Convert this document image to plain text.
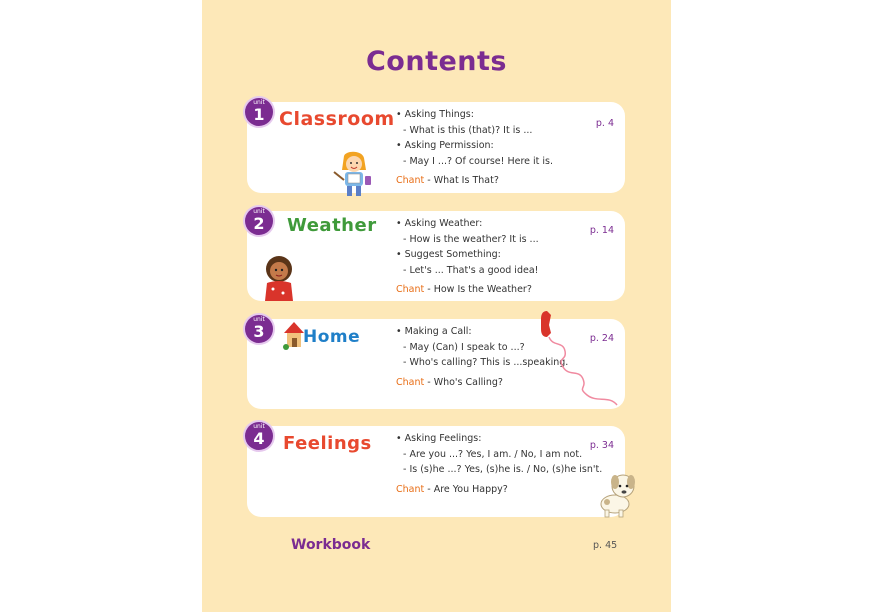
Contents
unit
1 Classroom • Asking Things:
- What is this (that)? It is ...
• Asking Permission:
- May I ...? Of course! Here it is.
Chant - What Is That?
p. 4
unit
2	Weather • Asking Weather:
- How is the weather? It is ...
• Suggest Something:
- Let's ... That's a good idea!
Chant - How Is the Weather?
p. 14
unit
3	Home	• Making a Call:
- May (Can) I speak to ...?
- Who's calling? This is ...speaking.
Chant - Who's Calling?
p. 24
unit
4	Feelings	• Asking Feelings:
- Are you ...? Yes, I am. / No, I am not.
- Is (s)he ...? Yes, (s)he is. / No, (s)he isn't.
Chant - Are You Happy?
p. 34
Workbook	p. 45
